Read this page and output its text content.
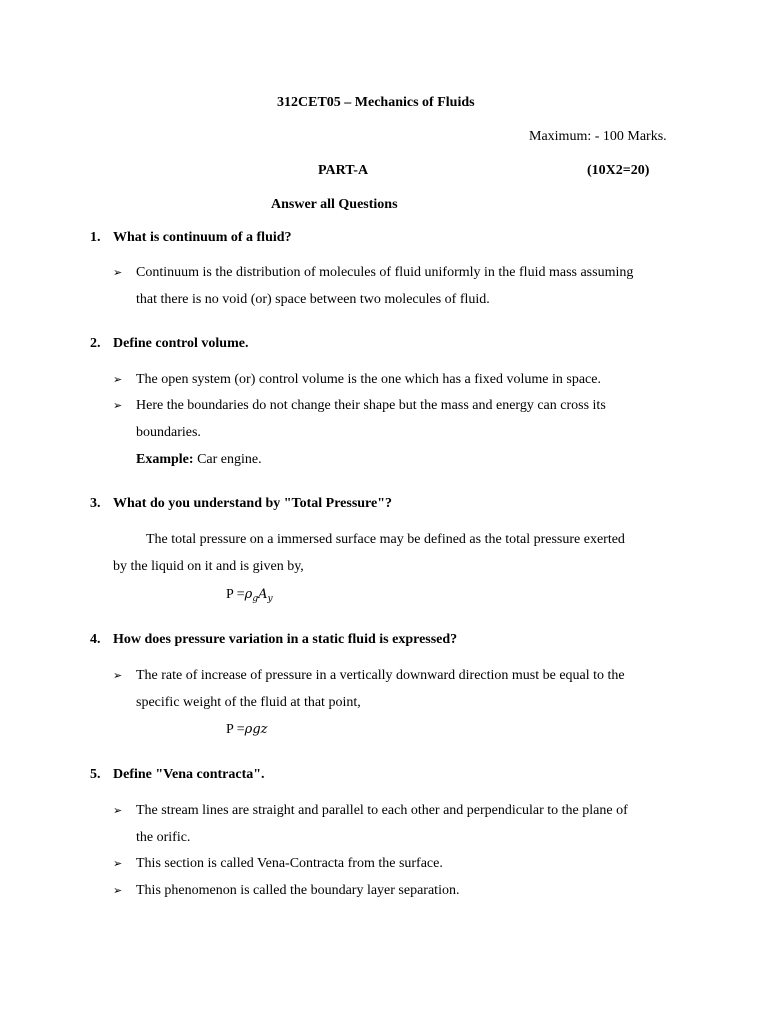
312CET05 – Mechanics of Fluids
Maximum: - 100 Marks.
PART-A	(10X2=20)
Answer all Questions
1. What is continuum of a fluid?
➢ Continuum is the distribution of molecules of fluid uniformly in the fluid mass assuming
that there is no void (or) space between two molecules of fluid.
2. Define control volume.
➢ The open system (or) control volume is the one which has a fixed volume in space.
➢ Here the boundaries do not change their shape but the mass and energy can cross its
boundaries.
Example: Car engine.
3. What do you understand by "Total Pressure"?
The total pressure on a immersed surface may be defined as the total pressure exerted
by the liquid on it and is given by,
$P =\rho_gA_y$
4. How does pressure variation in a static fluid is expressed?
➢ The rate of increase of pressure in a vertically downward direction must be equal to the
specific weight of the fluid at that point,
P =ρgz
5. Define "Vena contracta".
➢ The stream lines are straight and parallel to each other and perpendicular to the plane of
the orific.
➢ This section is called Vena-Contracta from the surface.
➢ This phenomenon is called the boundary layer separation.
